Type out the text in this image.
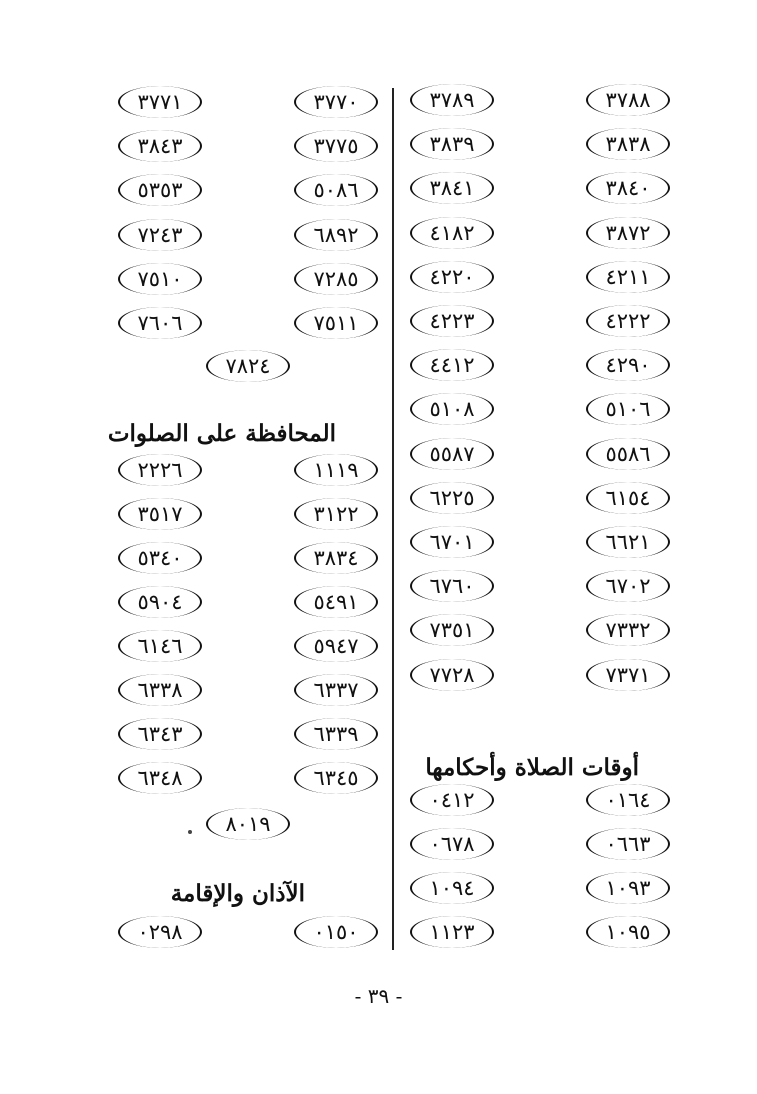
٣٧٨٨
٣٧٨٩
٣٨٣٨
٣٨٣٩
٣٨٤٠
٣٨٤١
٣٨٧٢
٤١٨٢
٤٢١١
٤٢٢٠
٤٢٢٢
٤٢٢٣
٤٢٩٠
٤٤١٢
٥١٠٦
٥١٠٨
٥٥٨٦
٥٥٨٧
٦١٥٤
٦٢٢٥
٦٦٢١
٦٧٠١
٦٧٠٢
٦٧٦٠
٧٣٣٢
٧٣٥١
٧٣٧١
٧٧٢٨
٠١٦٤
٠٤١٢
٠٦٦٣
٠٦٧٨
١٠٩٣
١٠٩٤
١٠٩٥
١١٢٣
٣٧٧٠
٣٧٧١
٣٧٧٥
٣٨٤٣
٥٠٨٦
٥٣٥٣
٦٨٩٢
٧٢٤٣
٧٢٨٥
٧٥١٠
٧٥١١
٧٦٠٦
٧٨٢٤
١١١٩
٢٢٢٦
٣١٢٢
٣٥١٧
٣٨٣٤
٥٣٤٠
٥٤٩١
٥٩٠٤
٥٩٤٧
٦١٤٦
٦٣٣٧
٦٣٣٨
٦٣٣٩
٦٣٤٣
٦٣٤٥
٦٣٤٨
٨٠١٩
٠١٥٠
٠٢٩٨
أوقات الصلاة وأحكامها
المحافظة على الصلوات
الآذان والإقامة
- ٣٩ -
